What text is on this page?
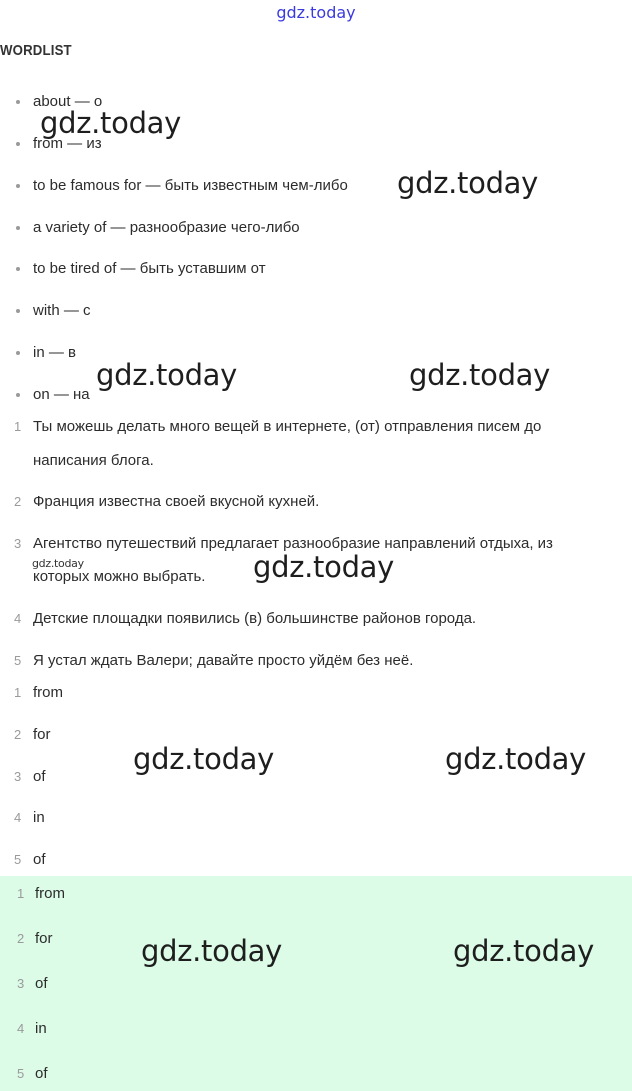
gdz.today
WORDLIST
about — о
from — из
to be famous for — быть известным чем-либо
a variety of — разнообразие чего-либо
to be tired of — быть уставшим от
with — с
in — в
on — на
1 Ты можешь делать много вещей в интернете, (от) отправления писем до
написания блога.
2 Франция известна своей вкусной кухней.
3 Агентство путешествий предлагает разнообразие направлений отдыха, из
которых можно выбрать.
4 Детские площадки появились (в) большинстве районов города.
5 Я устал ждать Валери; давайте просто уйдём без неё.
1 from
2 for
3 of
4 in
5 of
1 from
2 for
3 of
4 in
5 of
gdz.today
gdz.today
gdz.today	gdz.today
gdz.today	gdz.today
gdz.today	gdz.today
gdz.today	gdz.today
